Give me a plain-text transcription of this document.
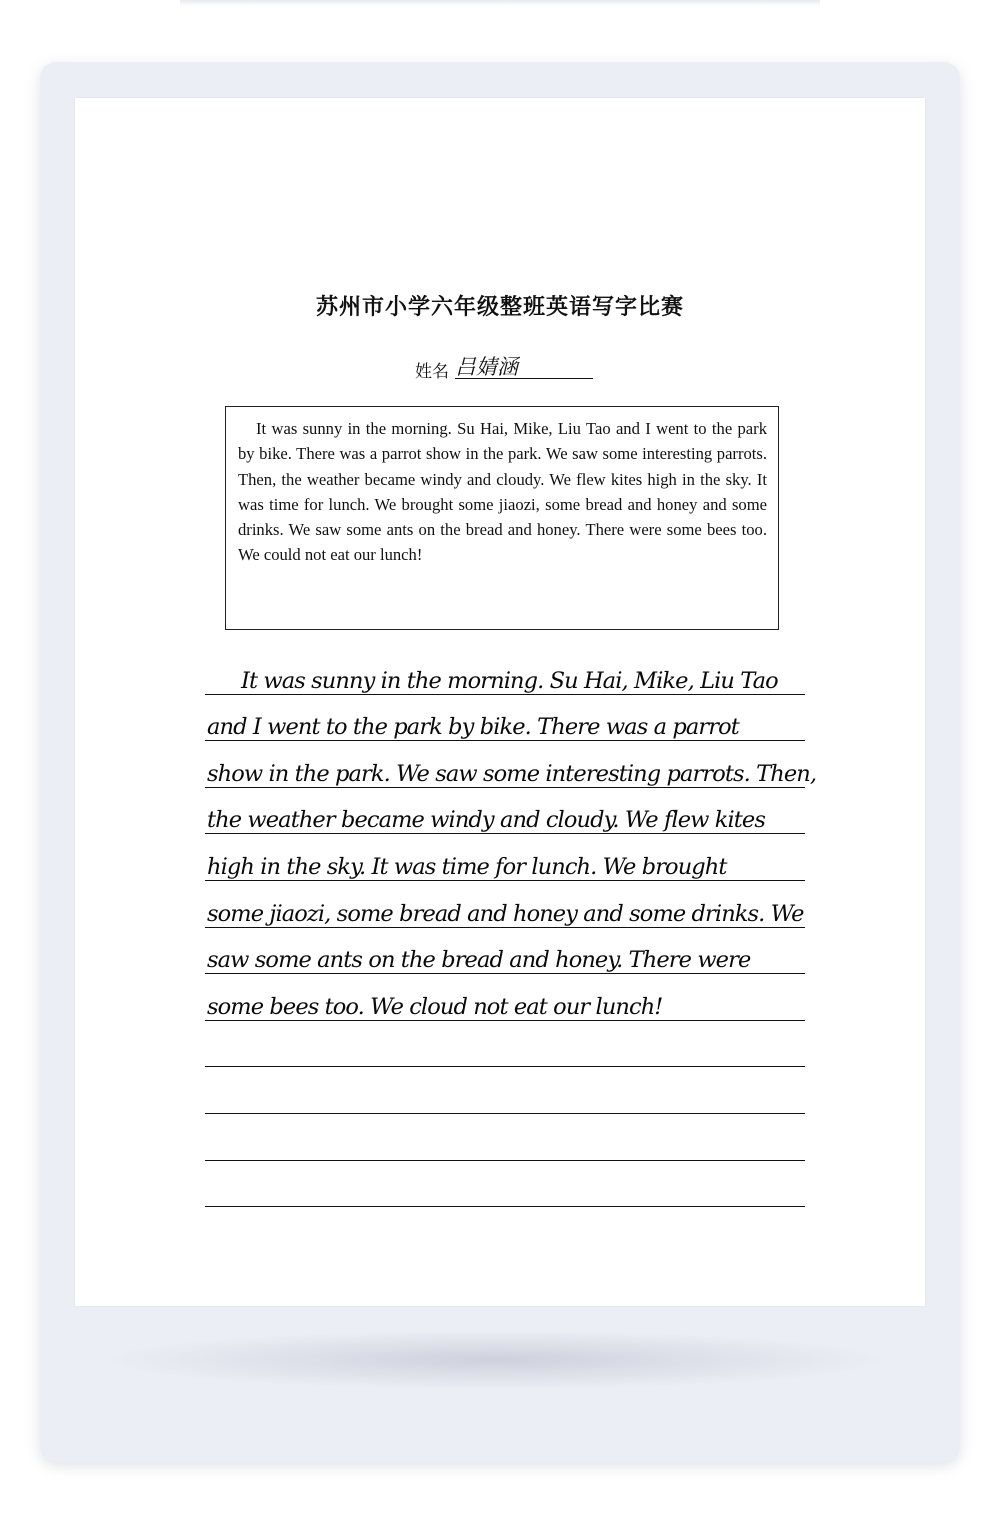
苏州市小学六年级整班英语写字比赛
姓名 吕婧涵

It was sunny in the morning. Su Hai, Mike, Liu Tao and I went to the park by bike. There was a parrot show in the park. We saw some interesting parrots. Then, the weather became windy and cloudy. We flew kites high in the sky. It was time for lunch. We brought some jiaozi, some bread and honey and some drinks. We saw some ants on the bread and honey. There were some bees too. We could not eat our lunch!

It was sunny in the morning. Su Hai, Mike, Liu Tao
and I went to the park by bike. There was a parrot
show in the park. We saw some interesting parrots. Then,
the weather became windy and cloudy. We flew kites
high in the sky. It was time for lunch. We brought
some jiaozi, some bread and honey and some drinks. We
saw some ants on the bread and honey. There were
some bees too. We cloud not eat our lunch!
